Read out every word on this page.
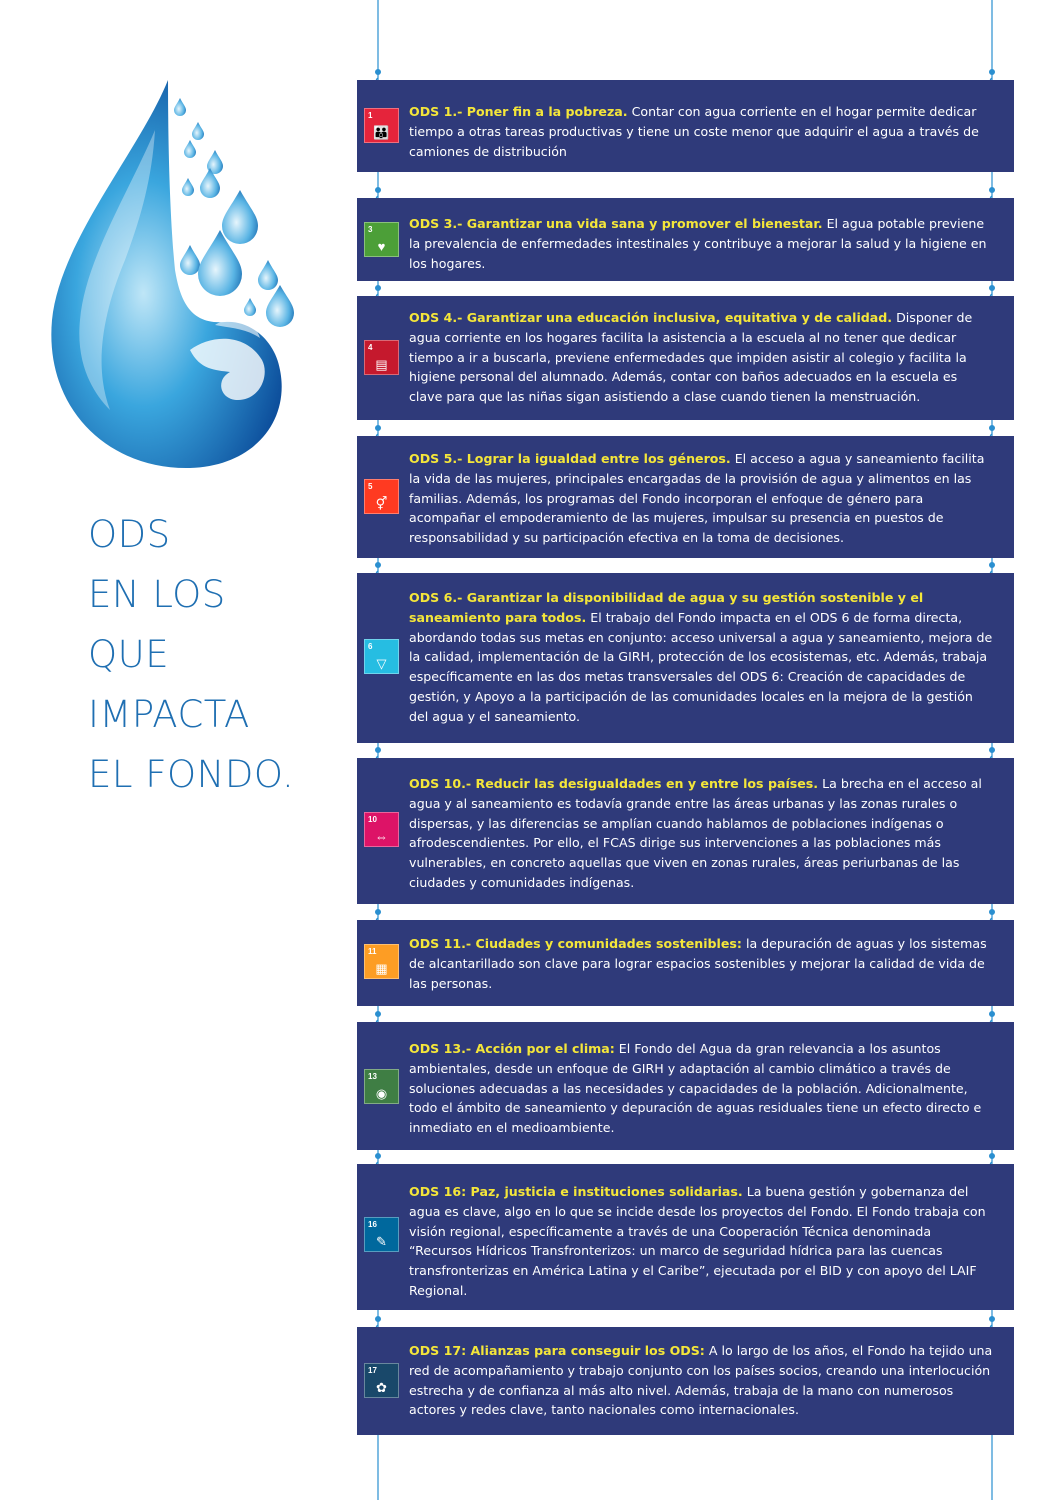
ODS
EN LOS
QUE
IMPACTA
EL FONDO.
1
👪
ODS 1.- Poner fin a la pobreza. Contar con agua corriente en el hogar permite dedicar tiempo a otras tareas productivas y tiene un coste menor que adquirir el agua a través de camiones de distribución
3
♥
ODS 3.- Garantizar una vida sana y promover el bienestar. El agua potable previene la prevalencia de enfermedades intestinales y contribuye a mejorar la salud y la higiene en los hogares.
4
▤
ODS 4.- Garantizar una educación inclusiva, equitativa y de calidad. Disponer de agua corriente en los hogares facilita la asistencia a la escuela al no tener que dedicar tiempo a ir a buscarla, previene enfermedades que impiden asistir al colegio y facilita la higiene personal del alumnado. Además, contar con baños adecuados en la escuela es clave para que las niñas sigan asistiendo a clase cuando tienen la menstruación.
5
⚥
ODS 5.- Lograr la igualdad entre los géneros. El acceso a agua y saneamiento facilita la vida de las mujeres, principales encargadas de la provisión de agua y alimentos en las familias. Además, los programas del Fondo incorporan el enfoque de género para acompañar el empoderamiento de las mujeres, impulsar su presencia en puestos de responsabilidad y su participación efectiva en la toma de decisiones.
6
▽
ODS 6.- Garantizar la disponibilidad de agua y su gestión sostenible y el saneamiento para todos. El trabajo del Fondo impacta en el ODS 6 de forma directa, abordando todas sus metas en conjunto: acceso universal a agua y saneamiento, mejora de la calidad, implementación de la GIRH, protección de los ecosistemas, etc. Además, trabaja específicamente en las dos metas transversales del ODS 6: Creación de capacidades de gestión, y Apoyo a la participación de las comunidades locales en la mejora de la gestión del agua y el saneamiento.
10
⇔
ODS 10.- Reducir las desigualdades en y entre los países. La brecha en el acceso al agua y al saneamiento es todavía grande entre las áreas urbanas y las zonas rurales o dispersas, y las diferencias se amplían cuando hablamos de poblaciones indígenas o afrodescendientes. Por ello, el FCAS dirige sus intervenciones a las poblaciones más vulnerables, en concreto aquellas que viven en zonas rurales, áreas periurbanas de las ciudades y comunidades indígenas.
11
▦
ODS 11.- Ciudades y comunidades sostenibles: la depuración de aguas y los sistemas de alcantarillado son clave para lograr espacios sostenibles y mejorar la calidad de vida de las personas.
13
◉
ODS 13.- Acción por el clima: El Fondo del Agua da gran relevancia a los asuntos ambientales, desde un enfoque de GIRH y adaptación al cambio climático a través de soluciones adecuadas a las necesidades y capacidades de la población. Adicionalmente, todo el ámbito de saneamiento y depuración de aguas residuales tiene un efecto directo e inmediato en el medioambiente.
16
✎
ODS 16: Paz, justicia e instituciones solidarias. La buena gestión y gobernanza del agua es clave, algo en lo que se incide desde los proyectos del Fondo. El Fondo trabaja con visión regional, específicamente a través de una Cooperación Técnica denominada “Recursos Hídricos Transfronterizos: un marco de seguridad hídrica para las cuencas transfronterizas en América Latina y el Caribe”, ejecutada por el BID y con apoyo del LAIF Regional.
17
✿
ODS 17: Alianzas para conseguir los ODS: A lo largo de los años, el Fondo ha tejido una red de acompañamiento y trabajo conjunto con los países socios, creando una interlocución estrecha y de confianza al más alto nivel. Además, trabaja de la mano con numerosos actores y redes clave, tanto nacionales como internacionales.
